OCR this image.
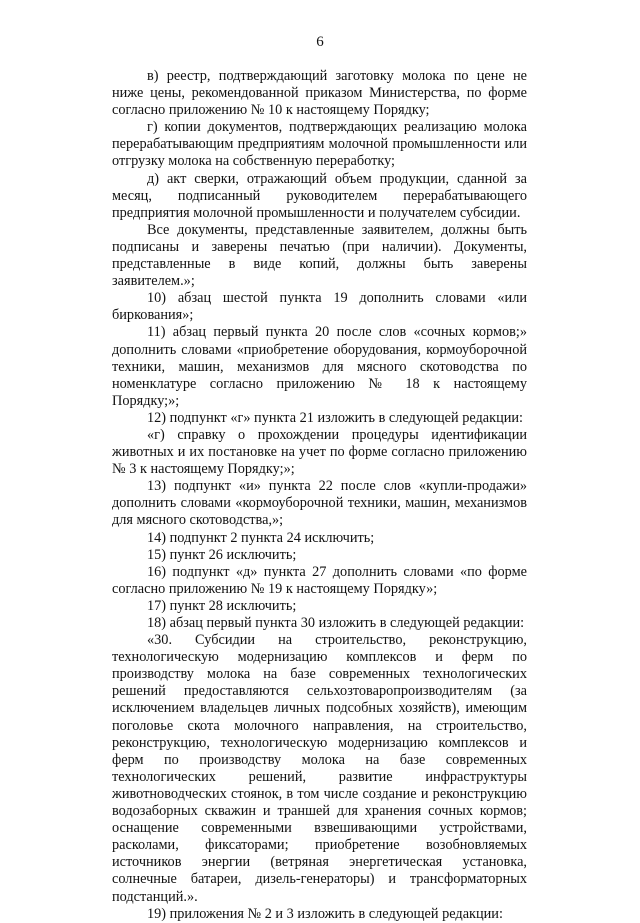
6

в) реестр, подтверждающий заготовку молока по цене не ниже цены, рекомендованной приказом Министерства, по форме согласно приложению № 10 к настоящему Порядку;

г) копии документов, подтверждающих реализацию молока перерабатывающим предприятиям молочной промышленности или отгрузку молока на собственную переработку;

д) акт сверки, отражающий объем продукции, сданной за месяц, подписанный руководителем перерабатывающего предприятия молочной промышленности и получателем субсидии.

Все документы, представленные заявителем, должны быть подписаны и заверены печатью (при наличии). Документы, представленные в виде копий, должны быть заверены заявителем.»;

10) абзац шестой пункта 19 дополнить словами «или биркования»;

11) абзац первый пункта 20 после слов «сочных кормов;» дополнить словами «приобретение оборудования, кормоуборочной техники, машин, механизмов для мясного скотоводства по номенклатуре согласно приложению № 18 к настоящему Порядку;»;

12) подпункт «г» пункта 21 изложить в следующей редакции:

«г) справку о прохождении процедуры идентификации животных и их постановке на учет по форме согласно приложению № 3 к настоящему Порядку;»;

13) подпункт «и» пункта 22 после слов «купли-продажи» дополнить словами «кормоуборочной техники, машин, механизмов для мясного скотоводства,»;

14) подпункт 2 пункта 24 исключить;

15) пункт 26 исключить;

16) подпункт «д» пункта 27 дополнить словами «по форме согласно приложению № 19 к настоящему Порядку»;

17) пункт 28 исключить;

18) абзац первый пункта 30 изложить в следующей редакции:

«30. Субсидии на строительство, реконструкцию, технологическую модернизацию комплексов и ферм по производству молока на базе современных технологических решений предоставляются сельхозтоваропроизводителям (за исключением владельцев личных подсобных хозяйств), имеющим поголовье скота молочного направления, на строительство, реконструкцию, технологическую модернизацию комплексов и ферм по производству молока на базе современных технологических решений, развитие инфраструктуры животноводческих стоянок, в том числе создание и реконструкцию водозаборных скважин и траншей для хранения сочных кормов; оснащение современными взвешивающими устройствами, расколами, фиксаторами; приобретение возобновляемых источников энергии (ветряная энергетическая установка, солнечные батареи, дизель-генераторы) и трансформаторных подстанций.».

19) приложения № 2 и 3 изложить в следующей редакции:
